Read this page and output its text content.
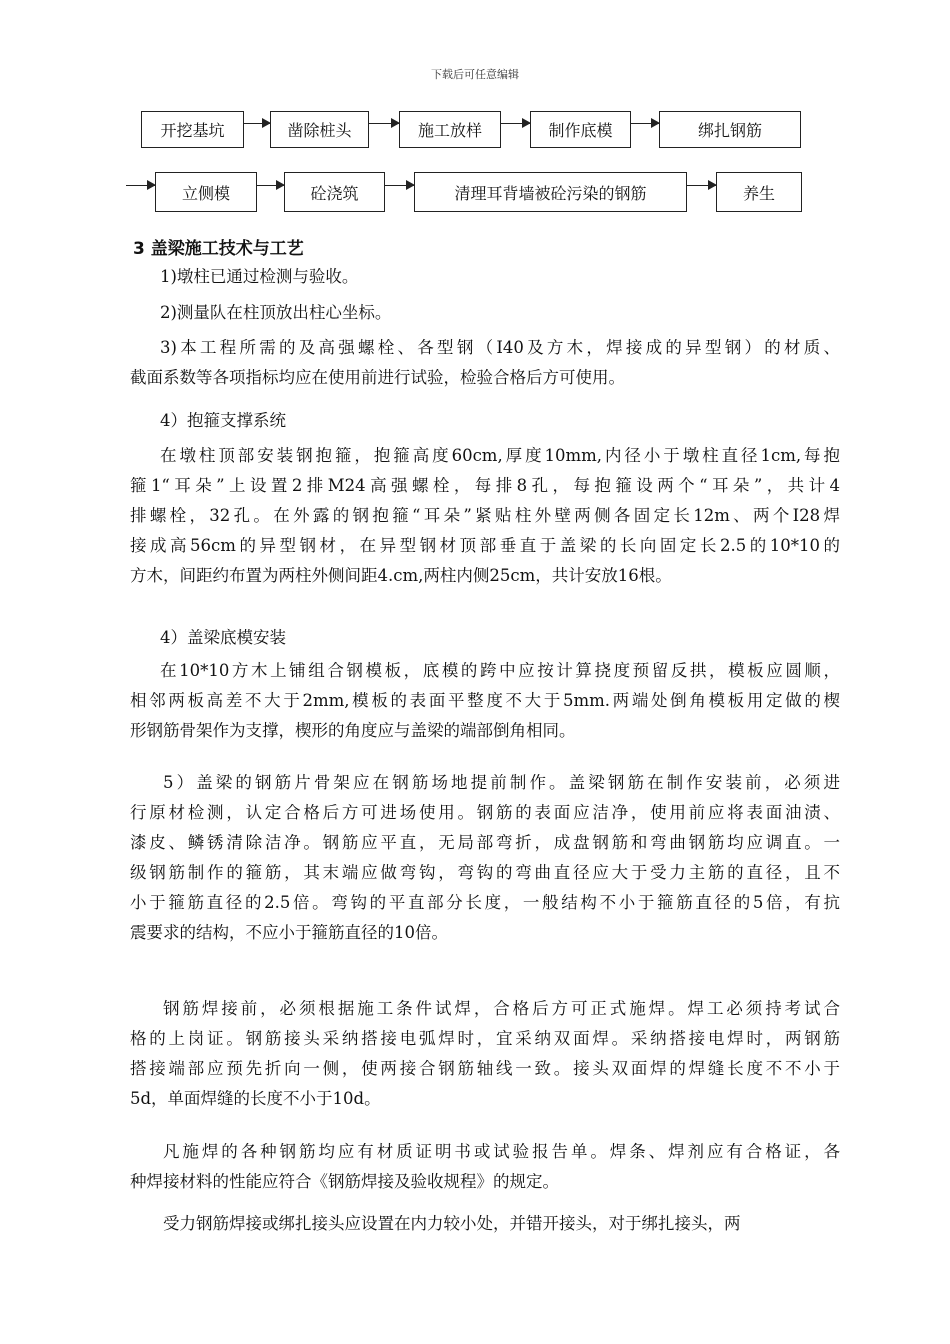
下载后可任意编辑
开挖基坑	凿除桩头	施工放样	制作底模	绑扎钢筋
立侧模	砼浇筑	清理耳背墙被砼污染的钢筋	养生
3 盖梁施工技术与工艺
1)墩柱已通过检测与验收。
2)测量队在柱顶放出柱心坐标。
3)本工程所需的及高强螺栓、各型钢（I40及方木，焊接成的异型钢）的材质、
截面系数等各项指标均应在使用前进行试验，检验合格后方可使用。
4）抱箍支撑系统
在墩柱顶部安装钢抱箍，抱箍高度60cm,厚度10mm,内径小于墩柱直径1cm,每抱
箍1“耳朵”上设置2排M24高强螺栓，每排8孔，每抱箍设两个“耳朵”，共计4
排螺栓，32孔。在外露的钢抱箍“耳朵”紧贴柱外壁两侧各固定长12m、两个I28焊
接成高56cm的异型钢材，在异型钢材顶部垂直于盖梁的长向固定长2.5的10*10的
方木，间距约布置为两柱外侧间距4.cm,两柱内侧25cm，共计安放16根。
4）盖梁底模安装
在10*10方木上铺组合钢模板，底模的跨中应按计算挠度预留反拱，模板应圆顺，
相邻两板高差不大于2mm,模板的表面平整度不大于5mm.两端处倒角模板用定做的楔
形钢筋骨架作为支撑，楔形的角度应与盖梁的端部倒角相同。
5）盖梁的钢筋片骨架应在钢筋场地提前制作。盖梁钢筋在制作安装前，必须进
行原材检测，认定合格后方可进场使用。钢筋的表面应洁净，使用前应将表面油渍、
漆皮、鳞锈清除洁净。钢筋应平直，无局部弯折，成盘钢筋和弯曲钢筋均应调直。一
级钢筋制作的箍筋，其末端应做弯钩，弯钩的弯曲直径应大于受力主筋的直径，且不
小于箍筋直径的2.5倍。弯钩的平直部分长度，一般结构不小于箍筋直径的5倍，有抗
震要求的结构，不应小于箍筋直径的10倍。
钢筋焊接前，必须根据施工条件试焊，合格后方可正式施焊。焊工必须持考试合
格的上岗证。钢筋接头采纳搭接电弧焊时，宜采纳双面焊。采纳搭接电焊时，两钢筋
搭接端部应预先折向一侧，使两接合钢筋轴线一致。接头双面焊的焊缝长度不不小于
5d，单面焊缝的长度不小于10d。
凡施焊的各种钢筋均应有材质证明书或试验报告单。焊条、焊剂应有合格证，各
种焊接材料的性能应符合《钢筋焊接及验收规程》的规定。
受力钢筋焊接或绑扎接头应设置在内力较小处，并错开接头，对于绑扎接头，两
